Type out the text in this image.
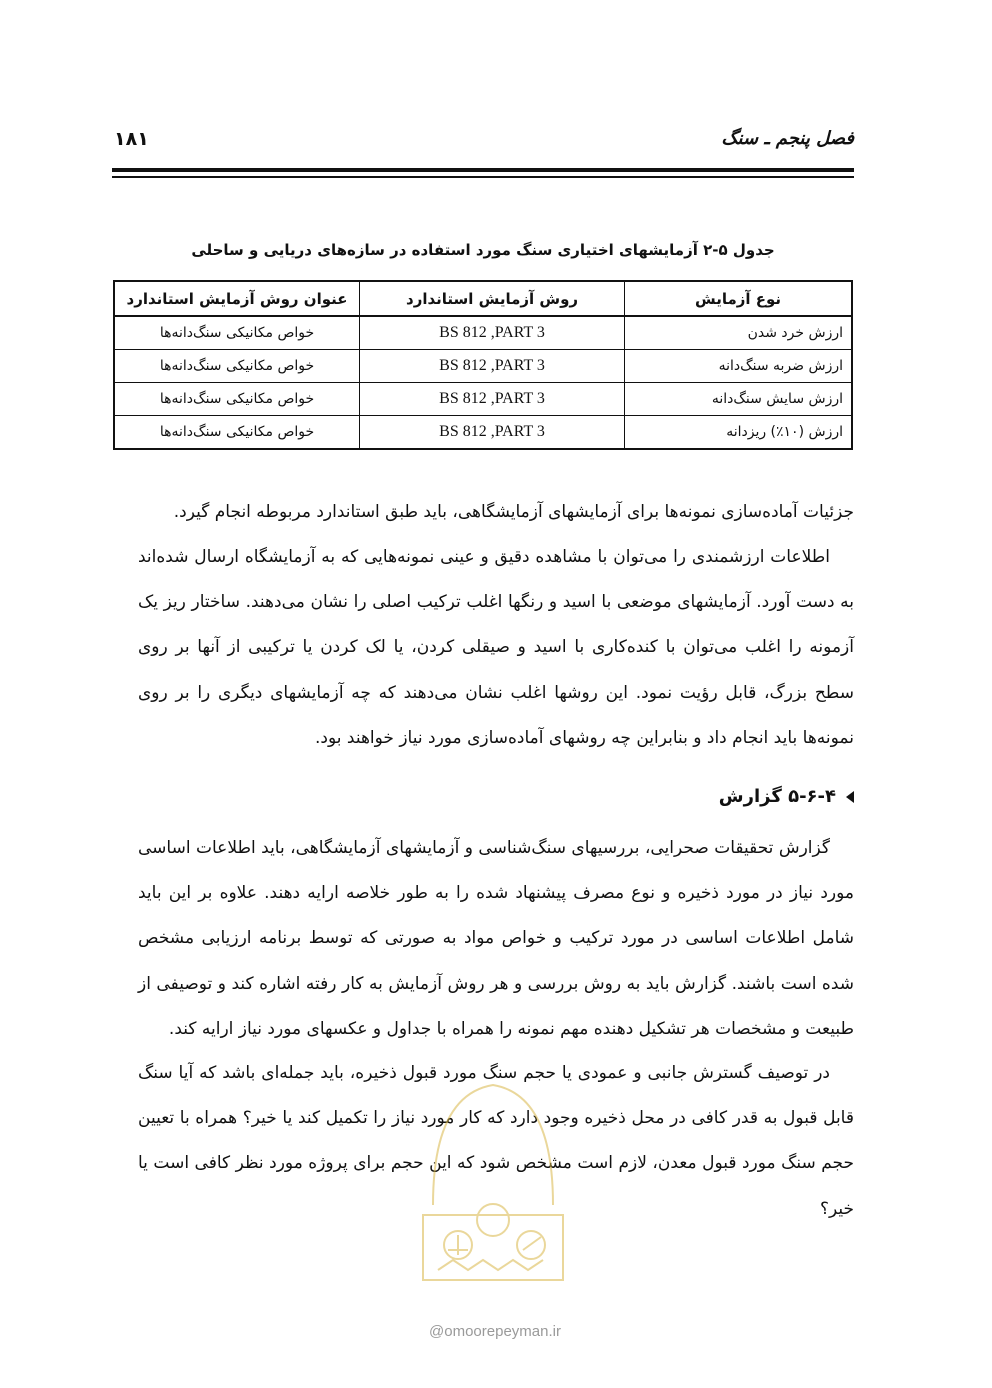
فصل پنجم ـ سنگ
۱۸۱
جدول ۵-۲ آزمایشهای اختیاری سنگ مورد استفاده در سازه‌های دریایی و ساحلی
نوع آزمایش	روش آزمایش استاندارد	عنوان روش آزمایش استاندارد
ارزش خرد شدن	BS 812 ,PART 3	خواص مکانیکی سنگ‌دانه‌ها
ارزش ضربه سنگ‌دانه	BS 812 ,PART 3	خواص مکانیکی سنگ‌دانه‌ها
ارزش سایش سنگ‌دانه	BS 812 ,PART 3	خواص مکانیکی سنگ‌دانه‌ها
ارزش (۱۰٪) ریزدانه	BS 812 ,PART 3	خواص مکانیکی سنگ‌دانه‌ها

جزئیات آماده‌سازی نمونه‌ها برای آزمایشهای آزمایشگاهی، باید طبق استاندارد مربوطه انجام گیرد.

اطلاعات ارزشمندی را می‌توان با مشاهده دقیق و عینی نمونه‌هایی که به آزمایشگاه ارسال شده‌اند به دست آورد. آزمایشهای موضعی با اسید و رنگها اغلب ترکیب اصلی را نشان می‌دهند. ساختار ریز یک آزمونه را اغلب می‌توان با کنده‌کاری با اسید و صیقلی کردن، یا لک کردن یا ترکیبی از آنها بر روی سطح بزرگ، قابل رؤیت نمود. این روشها اغلب نشان می‌دهند که چه آزمایشهای دیگری را بر روی نمونه‌ها باید انجام داد و بنابراین چه روشهای آماده‌سازی مورد نیاز خواهند بود.

۵-۶-۴ گزارش

گزارش تحقیقات صحرایی، بررسیهای سنگ‌شناسی و آزمایشهای آزمایشگاهی، باید اطلاعات اساسی مورد نیاز در مورد ذخیره و نوع مصرف پیشنهاد شده را به طور خلاصه ارایه دهند. علاوه بر این باید شامل اطلاعات اساسی در مورد ترکیب و خواص مواد به صورتی که توسط برنامه ارزیابی مشخص شده است باشند. گزارش باید به روش بررسی و هر روش آزمایش به کار رفته اشاره کند و توصیفی از طبیعت و مشخصات هر تشکیل دهنده مهم نمونه را همراه با جداول و عکسهای مورد نیاز ارایه کند.

در توصیف گسترش جانبی و عمودی یا حجم سنگ مورد قبول ذخیره، باید جمله‌ای باشد که آیا سنگ قابل قبول به قدر کافی در محل ذخیره وجود دارد که کار مورد نیاز را تکمیل کند یا خیر؟ همراه با تعیین حجم سنگ مورد قبول معدن، لازم است مشخص شود که این حجم برای پروژه مورد نظر کافی است یا خیر؟

@omoorepeyman.ir
